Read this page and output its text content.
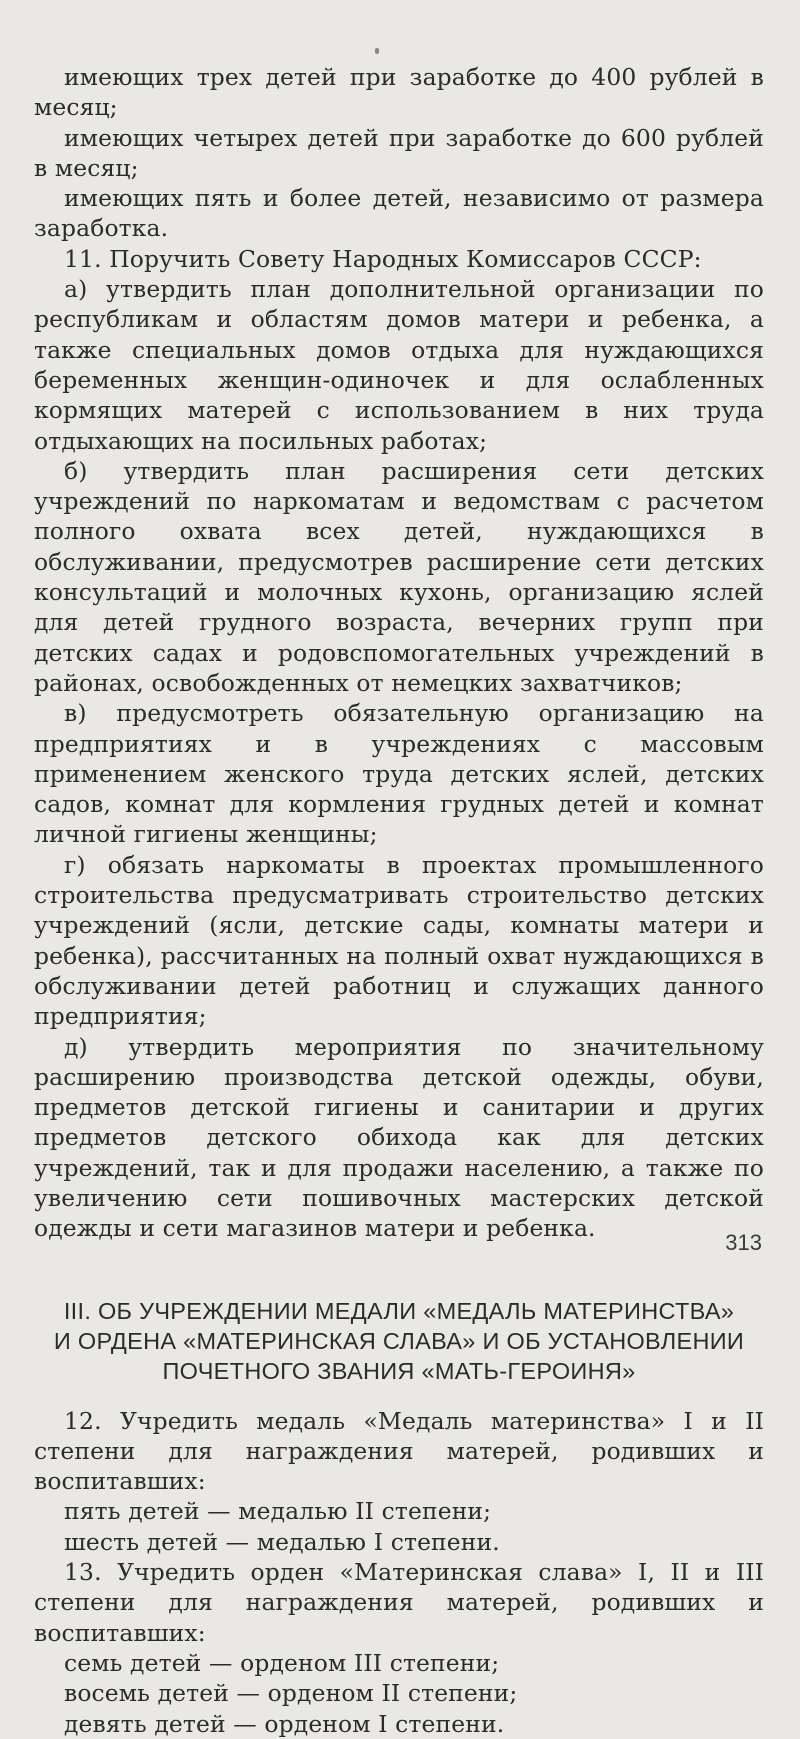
имеющих трех детей при заработке до 400 рублей в месяц;

имеющих четырех детей при заработке до 600 рублей в месяц;

имеющих пять и более детей, независимо от размера заработка.

11. Поручить Совету Народных Комиссаров СССР:

а) утвердить план дополнительной организации по республикам и областям домов матери и ребенка, а также специальных домов отдыха для нуждающихся беременных женщин-одиночек и для ослабленных кормящих матерей с использованием в них труда отдыхающих на посильных работах;

б) утвердить план расширения сети детских учреждений по наркоматам и ведомствам с расчетом полного охвата всех детей, нуждающихся в обслуживании, предусмотрев расширение сети детских консультаций и молочных кухонь, организацию яслей для детей грудного возраста, вечерних групп при детских садах и родовспомогательных учреждений в районах, освобожденных от немецких захватчиков;

в) предусмотреть обязательную организацию на предприятиях и в учреждениях с массовым применением женского труда детских яслей, детских садов, комнат для кормления грудных детей и комнат личной гигиены женщины;

г) обязать наркоматы в проектах промышленного строительства предусматривать строительство детских учреждений (ясли, детские сады, комнаты матери и ребенка), рассчитанных на полный охват нуждающихся в обслуживании детей работниц и служащих данного предприятия;

д) утвердить мероприятия по значительному расширению производства детской одежды, обуви, предметов детской гигиены и санитарии и других предметов детского обихода как для детских учреждений, так и для продажи населению, а также по увеличению сети пошивочных мастерских детской одежды и сети магазинов матери и ребенка.

III. ОБ УЧРЕЖДЕНИИ МЕДАЛИ «МЕДАЛЬ МАТЕРИНСТВА»
И ОРДЕНА «МАТЕРИНСКАЯ СЛАВА» И ОБ УСТАНОВЛЕНИИ
ПОЧЕТНОГО ЗВАНИЯ «МАТЬ-ГЕРОИНЯ»

12. Учредить медаль «Медаль материнства» I и II степени для награждения матерей, родивших и воспитавших:

пять детей — медалью II степени;

шесть детей — медалью I степени.

13. Учредить орден «Материнская слава» I, II и III степени для награждения матерей, родивших и воспитавших:

семь детей — орденом III степени;

восемь детей — орденом II степени;

девять детей — орденом I степени.

313
